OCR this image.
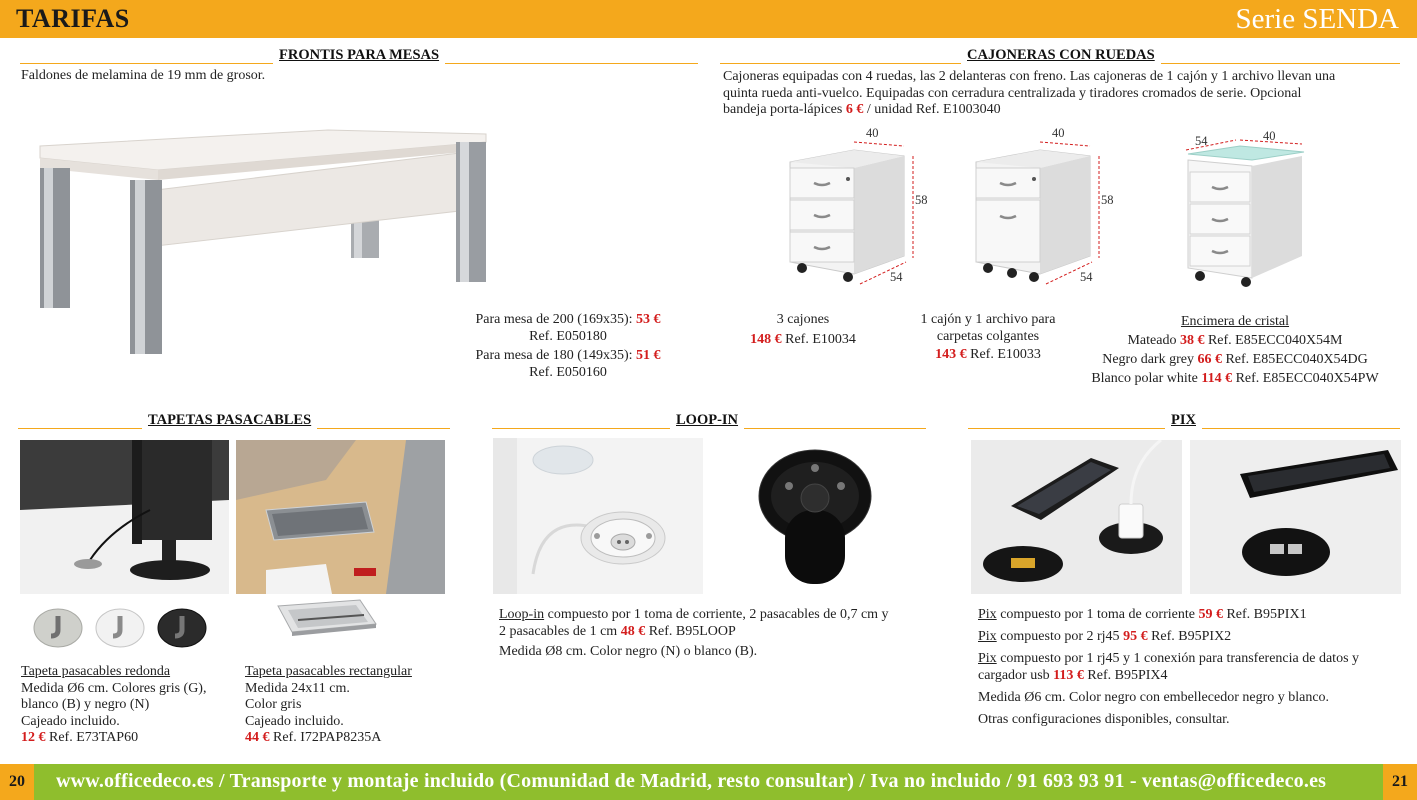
TARIFAS	Serie SENDA
FRONTIS PARA MESAS
Faldones de melamina de 19 mm de grosor.
Para mesa de 200 (169x35): 53 €
Ref. E050180
Para mesa de 180 (149x35): 51 €
Ref. E050160
CAJONERAS CON RUEDAS
Cajoneras equipadas con 4 ruedas, las 2 delanteras con freno. Las cajoneras de 1 cajón y 1 archivo llevan una
quinta rueda anti-vuelco. Equipadas con cerradura centralizada y tiradores cromados de serie. Opcional
bandeja porta-lápices 6 € / unidad Ref. E1003040
40
58
54
40
58
54
54	40
3 cajones
148 € Ref. E10034
1 cajón y 1 archivo para
carpetas colgantes
143 € Ref. E10033
Encimera de cristal
Mateado 38 € Ref. E85ECC040X54M
Negro dark grey 66 € Ref. E85ECC040X54DG
Blanco polar white 114 € Ref. E85ECC040X54PW
TAPETAS PASACABLES
Tapeta pasacables redonda
Medida Ø6 cm. Colores gris (G),
blanco (B) y negro (N)
Cajeado incluido.
12 € Ref. E73TAP60
Tapeta pasacables rectangular
Medida 24x11 cm.
Color gris
Cajeado incluido.
44 € Ref. I72PAP8235A
LOOP-IN
Loop-in compuesto por 1 toma de corriente, 2 pasacables de 0,7 cm y
2 pasacables de 1 cm 48 € Ref. B95LOOP
Medida Ø8 cm. Color negro (N) o blanco (B).
PIX
Pix compuesto por 1 toma de corriente 59 € Ref. B95PIX1
Pix compuesto por 2 rj45 95 € Ref. B95PIX2
Pix compuesto por 1 rj45 y 1 conexión para transferencia de datos y
cargador usb 113 € Ref. B95PIX4
Medida Ø6 cm. Color negro con embellecedor negro y blanco.
Otras configuraciones disponibles, consultar.
20	www.officedeco.es / Transporte y montaje incluido (Comunidad de Madrid, resto consultar) / Iva no incluido / 91 693 93 91 - ventas@officedeco.es	21
